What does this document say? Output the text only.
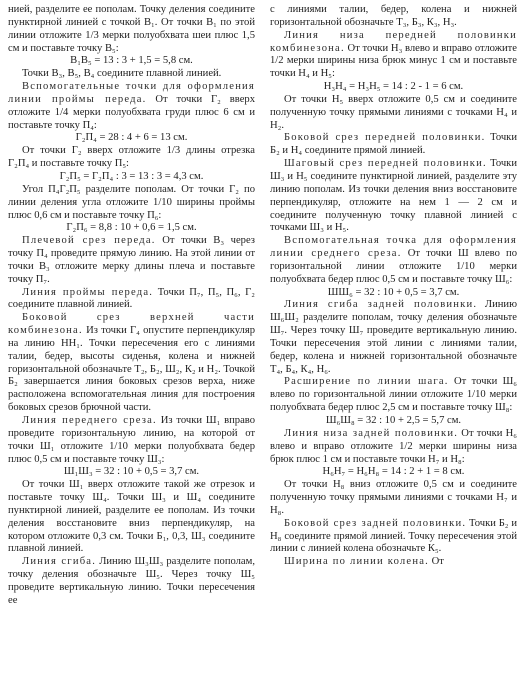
нией, разделите ее пополам. Точку деления соедините пунктирной линией с точкой В₁. От точки В₁ по этой линии отложите 1/3 мерки полуобхвата шеи плюс 1,5 см и поставьте точку В₅:

В₁В₅ = 13 : 3 + 1,5 = 5,8 см.

Точки В₃, В₅, В₄ соедините плавной линией.

Вспомогательные точки для оформления линии проймы переда. От точки Г₂ вверх отложите 1/4 мерки полуобхвата груди плюс 6 см и поставьте точку П₄:

Г₂П₄ = 28 : 4 + 6 = 13 см.

От точки Г₂ вверх отложите 1/3 длины отрезка Г₂П₄ и поставьте точку П₅:

Г₂П₅ = Г₂П₄ : 3 = 13 : 3 = 4,3 см.

Угол П₄Г₂П₅ разделите пополам. От точки Г₂ по линии деления угла отложите 1/10 ширины проймы плюс 0,6 см и поставьте точку П₆:

Г₂П₆ = 8,8 : 10 + 0,6 = 1,5 см.

Плечевой срез переда. От точки В₃ через точку П₄ проведите прямую линию. На этой линии от точки В₃ отложите мерку длины плеча и поставьте точку П₇.

Линия проймы переда. Точки П₇, П₅, П₆, Г₂ соедините плавной линией.

Боковой срез верхней части комбинезона. Из точки Г₄ опустите перпендикуляр на линию НН₁. Точки пересечения его с линиями талии, бедер, высоты сиденья, колена и нижней горизонтальной обозначьте Т₂, Б₂, Ш₂, К₂ и Н₂. Точкой Б₂ завершается линия боковых срезов верха, ниже расположена вспомогательная линия для построения боковых срезов брючной части.

Линия переднего среза. Из точки Ш₁ вправо проведите горизонтальную линию, на которой от точки Ш₁ отложите 1/10 мерки полуобхвата бедер плюс 0,5 см и поставьте точку Ш₃:

Ш₁Ш₃ = 32 : 10 + 0,5 = 3,7 см.

От точки Ш₁ вверх отложите такой же отрезок и поставьте точку Ш₄. Точки Ш₃ и Ш₄ соедините пунктирной линией, разделите ее пополам. Из точки деления восстановите вниз перпендикуляр, на котором отложите 0,3 см. Точки Б₁, 0,3, Ш₃ соедините плавной линией.

Линия сгиба. Линию Ш₃Ш₃ разделите пополам, точку деления обозначьте Ш₅. Через точку Ш₅ проведите вертикальную линию. Точки пересечения ее

с линиями талии, бедер, колена и нижней горизонтальной обозначьте Т₃, Б₃, К₃, Н₃.

Линия низа передней половинки комбинезона. От точки Н₃ влево и вправо отложите 1/2 мерки ширины низа брюк минус 1 см и поставьте точки Н₄ и Н₅:

Н₃Н₄ = Н₃Н₅ = 14 : 2 - 1 = 6 см.

От точки Н₅ вверх отложите 0,5 см и соедините полученную точку прямыми линиями с точками Н₄ и Н₂.

Боковой срез передней половинки. Точки Б₂ и Н₄ соедините прямой линией.

Шаговый срез передней половинки. Точки Ш₃ и Н₅ соедините пунктирной линией, разделите эту линию пополам. Из точки деления вниз восстановите перпендикуляр, отложите на нем 1 — 2 см и соедините полученную точку плавной линией с точками Ш₃ и Н₅.

Вспомогательная точка для оформления линии среднего среза. От точки Ш влево по горизонтальной линии отложите 1/10 мерки полуобхвата бедер плюс 0,5 см и поставьте точку Ш₆:

ШШ₆ = 32 : 10 + 0,5 = 3,7 см.

Линия сгиба задней половинки. Линию Ш₆Ш₂ разделите пополам, точку деления обозначьте Ш₇. Через точку Ш₇ проведите вертикальную линию. Точки пересечения этой линии с линиями талии, бедер, колена и нижней горизонтальной обозначьте Т₄, Б₄, К₄, Н₆.

Расширение по линии шага. От точки Ш₆ влево по горизонтальной линии отложите 1/10 мерки полуобхвата бедер плюс 2,5 см и поставьте точку Ш₈:

Ш₆Ш₈ = 32 : 10 + 2,5 = 5,7 см.

Линия низа задней половинки. От точки Н₆ влево и вправо отложите 1/2 мерки ширины низа брюк плюс 1 см и поставьте точки Н₇ и Н₈:

Н₆Н₇ = Н₆Н₈ = 14 : 2 + 1 = 8 см.

От точки Н₈ вниз отложите 0,5 см и соедините полученную точку прямыми линиями с точками Н₇ и Н₈.

Боковой срез задней половинки. Точки Б₂ и Н₈ соедините прямой линией. Точку пересечения этой линии с линией колена обозначьте К₅.

Ширина по линии колена. От
